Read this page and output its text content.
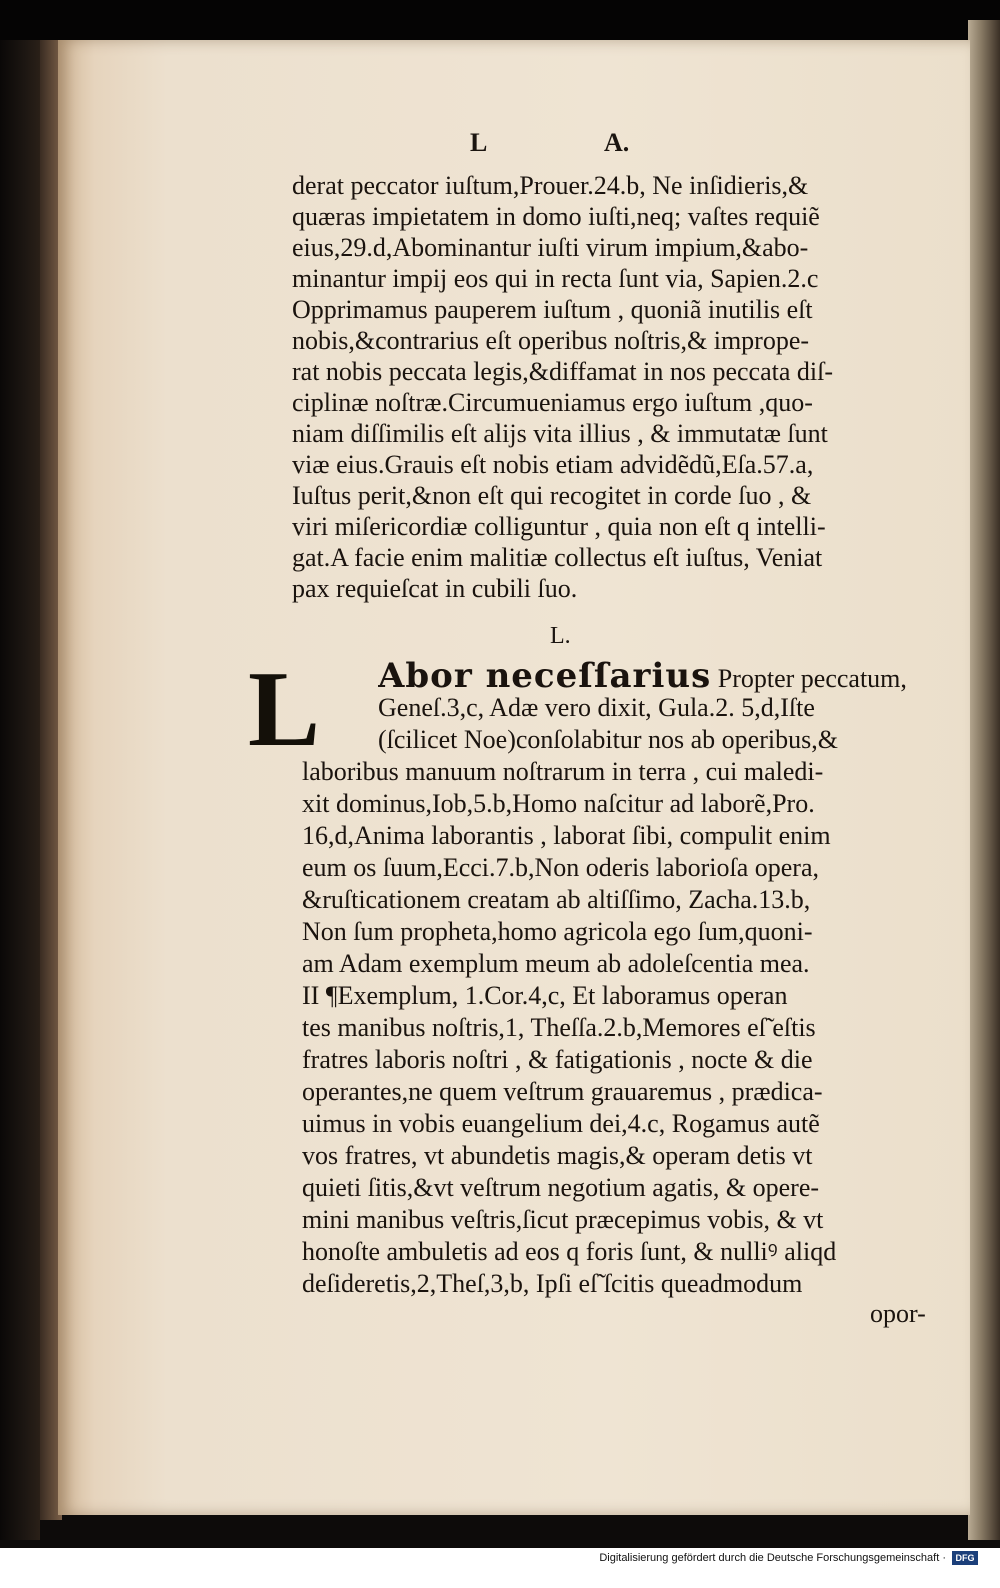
L	A.
derat peccator iuſtum,Prouer.24.b, Ne inſidieris,&
quæras impietatem in domo iuſti,neq; vaſtes requiẽ
eius,29.d,Abominantur iuſti virum impium,&abo-
minantur impij eos qui in recta ſunt via, Sapien.2.c
Opprimamus pauperem iuſtum , quoniã inutilis eſt
nobis,&contrarius eſt operibus noſtris,& imprope-
rat nobis peccata legis,&diffamat in nos peccata diſ-
ciplinæ noſtræ.Circumueniamus ergo iuſtum ,quo-
niam diſſimilis eſt alijs vita illius , & immutatæ ſunt
viæ eius.Grauis eſt nobis etiam advidẽdũ,Eſa.57.a,
Iuſtus perit,&non eſt qui recogitet in corde ſuo , &
viri miſericordiæ colliguntur , quia non eſt q intelli-
gat.A facie enim malitiæ collectus eſt iuſtus, Veniat
pax requieſcat in cubili ſuo.
L.
L Abor neceſſarius Propter peccatum,
Geneſ.3,c, Adæ vero dixit, Gula.2. 5,d,Iſte
(ſcilicet Noe)conſolabitur nos ab operibus,&
laboribus manuum noſtrarum in terra , cui maledi-
xit dominus,Iob,5.b,Homo naſcitur ad laborẽ,Pro.
16,d,Anima laborantis , laborat ſibi, compulit enim
eum os ſuum,Ecci.7.b,Non oderis laborioſa opera,
&ruſticationem creatam ab altiſſimo, Zacha.13.b,
Non ſum propheta,homo agricola ego ſum,quoni-
am Adam exemplum meum ab adoleſcentia mea.
II ¶Exemplum, 1.Cor.4,c, Et laboramus operan
tes manibus noſtris,1, Theſſa.2.b,Memores eſ̃ eſtis
fratres laboris noſtri , & fatigationis , nocte & die
operantes,ne quem veſtrum grauaremus , prædica-
uimus in vobis euangelium dei,4.c, Rogamus autẽ
vos fratres, vt abundetis magis,& operam detis vt
quieti ſitis,&vt veſtrum negotium agatis, & opere-
mini manibus veſtris,ſicut præcepimus vobis, & vt
honoſte ambuletis ad eos q foris ſunt, & nulliꝰ aliqd
deſideretis,2,Theſ,3,b, Ipſi eſ̃ ſcitis queadmodum
opor-
Digitalisierung gefördert durch die Deutsche Forschungsgemeinschaft ·	DFG
